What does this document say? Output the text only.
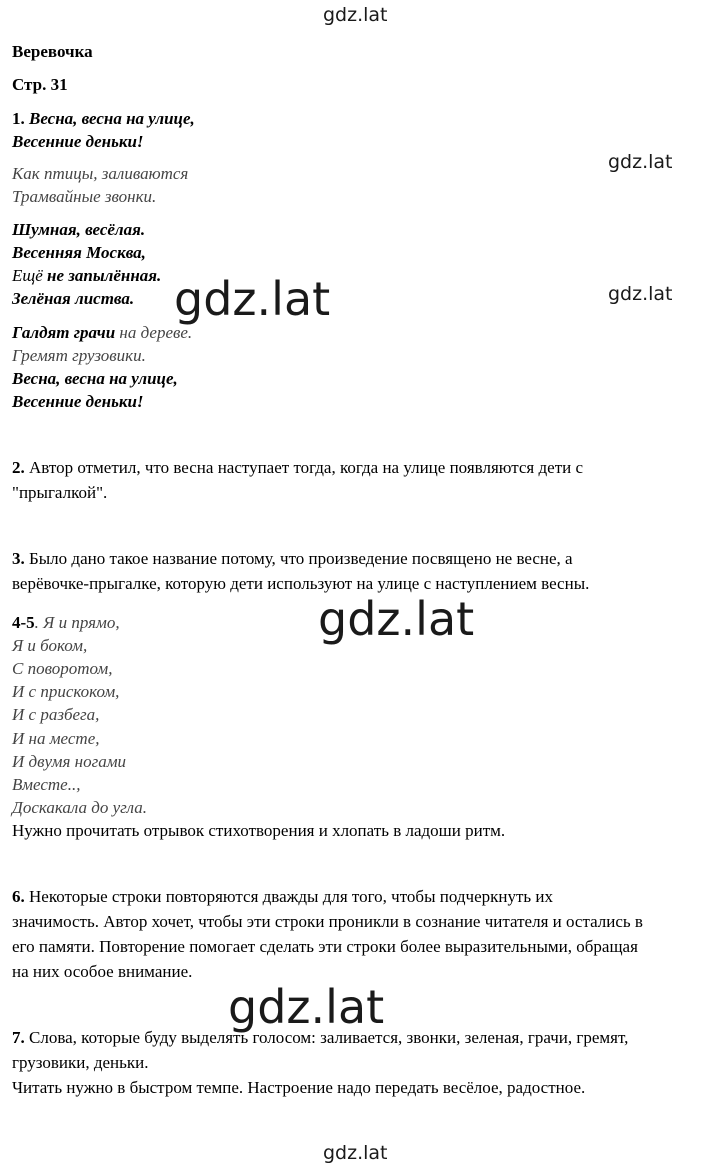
gdz.lat
gdz.lat
gdz.lat
gdz.lat
gdz.lat
gdz.lat
gdz.lat
Веревочка
Стр. 31
1. Весна, весна на улице,
Весенние деньки!
Как птицы, заливаются
Трамвайные звонки.
Шумная, весёлая.
Весенняя Москва,
Ещё не запылённая.
Зелёная листва.
Галдят грачи на дереве.
Гремят грузовики.
Весна, весна на улице,
Весенние деньки!
2. Автор отметил, что весна наступает тогда, когда на улице появляются дети с
"прыгалкой".
3. Было дано такое название потому, что произведение посвящено не весне, а
верёвочке-прыгалке, которую дети используют на улице с наступлением весны.
4-5. Я и прямо,
Я и боком,
С поворотом,
И с прискоком,
И с разбега,
И на месте,
И двумя ногами
Вместе..,
Доскакала до угла.
Нужно прочитать отрывок стихотворения и хлопать в ладоши ритм.
6. Некоторые строки повторяются дважды для того, чтобы подчеркнуть их
значимость. Автор хочет, чтобы эти строки проникли в сознание читателя и остались в
его памяти. Повторение помогает сделать эти строки более выразительными, обращая
на них особое внимание.
7. Слова, которые буду выделять голосом: заливается, звонки, зеленая, грачи, гремят,
грузовики, деньки.
Читать нужно в быстром темпе. Настроение надо передать весёлое, радостное.
